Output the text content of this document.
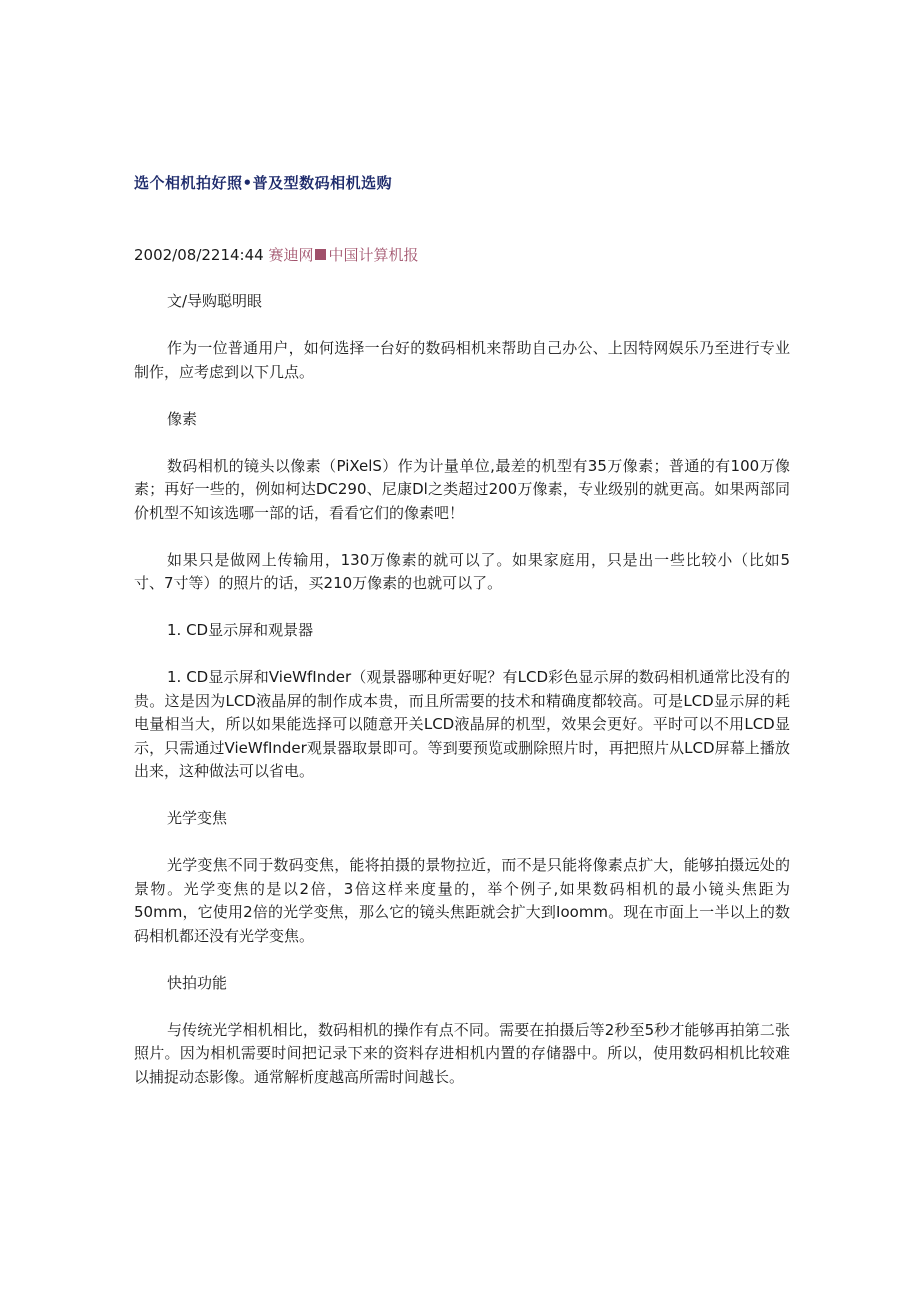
选个相机拍好照•普及型数码相机选购
2002/08/2214:44 赛迪网 中国计算机报

文/导购聪明眼

作为一位普通用户，如何选择一台好的数码相机来帮助自己办公、上因特网娱乐乃至进行专业制作，应考虑到以下几点。

像素

数码相机的镜头以像素（PiXelS）作为计量单位,最差的机型有35万像素；普通的有100万像素；再好一些的，例如柯达DC290、尼康Dl之类超过200万像素，专业级别的就更高。如果两部同价机型不知该选哪一部的话，看看它们的像素吧！

如果只是做网上传输用，130万像素的就可以了。如果家庭用，只是出一些比较小（比如5寸、7寸等）的照片的话，买210万像素的也就可以了。

1. CD显示屏和观景器

1. CD显示屏和VieWfInder（观景器哪种更好呢？有LCD彩色显示屏的数码相机通常比没有的贵。这是因为LCD液晶屏的制作成本贵，而且所需要的技术和精确度都较高。可是LCD显示屏的耗电量相当大，所以如果能选择可以随意开关LCD液晶屏的机型，效果会更好。平时可以不用LCD显示，只需通过VieWfInder观景器取景即可。等到要预览或删除照片时，再把照片从LCD屏幕上播放出来，这种做法可以省电。

光学变焦

光学变焦不同于数码变焦，能将拍摄的景物拉近，而不是只能将像素点扩大，能够拍摄远处的景物。光学变焦的是以2倍，3倍这样来度量的，举个例子,如果数码相机的最小镜头焦距为50mm，它使用2倍的光学变焦，那么它的镜头焦距就会扩大到Ioomm。现在市面上一半以上的数码相机都还没有光学变焦。

快拍功能

与传统光学相机相比，数码相机的操作有点不同。需要在拍摄后等2秒至5秒才能够再拍第二张照片。因为相机需要时间把记录下来的资料存进相机内置的存储器中。所以，使用数码相机比较难以捕捉动态影像。通常解析度越高所需时间越长。
